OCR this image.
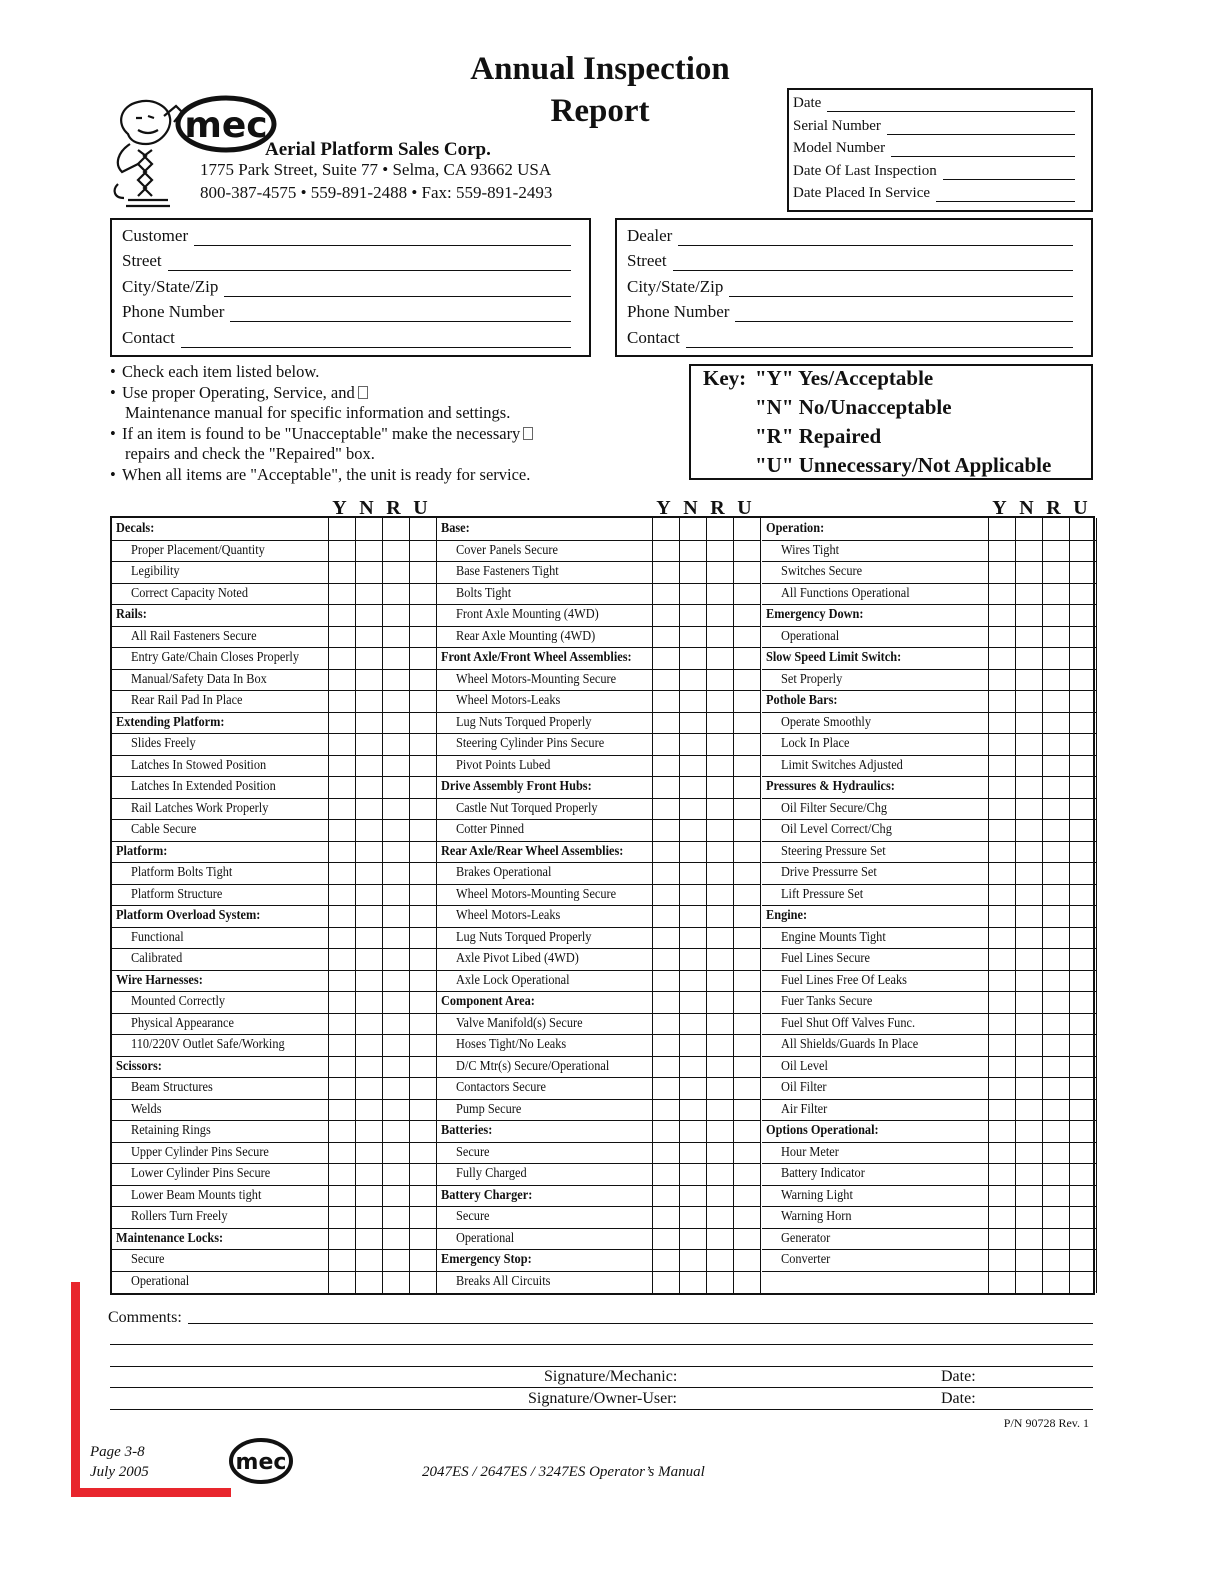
Annual Inspection
Report
mec
Aerial Platform Sales Corp.
1775 Park Street, Suite 77 • Selma, CA 93662 USA
800-387-4575 • 559-891-2488 • Fax: 559-891-2493
Date
Serial Number
Model Number
Date Of Last Inspection
Date Placed In Service
Customer
Street
City/State/Zip
Phone Number
Contact
Dealer
Street
City/State/Zip
Phone Number
Contact
• Check each item listed below.
• Use proper Operating, Service, and
Maintenance manual for specific information and settings.
• If an item is found to be "Unacceptable" make the necessary
repairs and check the "Repaired" box.
• When all items are "Acceptable", the unit is ready for service.
Key: "Y" Yes/Acceptable
"N" No/Unacceptable
"R" Repaired
"U" Unnecessary/Not Applicable
Y N R U	Y N R U	Y N R U
Decals:
Proper Placement/Quantity
Legibility
Correct Capacity Noted
Rails:
All Rail Fasteners Secure
Entry Gate/Chain Closes Properly
Manual/Safety Data In Box
Rear Rail Pad In Place
Extending Platform:
Slides Freely
Latches In Stowed Position
Latches In Extended Position
Rail Latches Work Properly
Cable Secure
Platform:
Platform Bolts Tight
Platform Structure
Platform Overload System:
Functional
Calibrated
Wire Harnesses:
Mounted Correctly
Physical Appearance
110/220V Outlet Safe/Working
Scissors:
Beam Structures
Welds
Retaining Rings
Upper Cylinder Pins Secure
Lower Cylinder Pins Secure
Lower Beam Mounts tight
Rollers Turn Freely
Maintenance Locks:
Secure
Operational
Base:
Cover Panels Secure
Base Fasteners Tight
Bolts Tight
Front Axle Mounting (4WD)
Rear Axle Mounting (4WD)
Front Axle/Front Wheel Assemblies:
Wheel Motors-Mounting Secure
Wheel Motors-Leaks
Lug Nuts Torqued Properly
Steering Cylinder Pins Secure
Pivot Points Lubed
Drive Assembly Front Hubs:
Castle Nut Torqued Properly
Cotter Pinned
Rear Axle/Rear Wheel Assemblies:
Brakes Operational
Wheel Motors-Mounting Secure
Wheel Motors-Leaks
Lug Nuts Torqued Properly
Axle Pivot Libed (4WD)
Axle Lock Operational
Component Area:
Valve Manifold(s) Secure
Hoses Tight/No Leaks
D/C Mtr(s) Secure/Operational
Contactors Secure
Pump Secure
Batteries:
Secure
Fully Charged
Battery Charger:
Secure
Operational
Emergency Stop:
Breaks All Circuits
Operation:
Wires Tight
Switches Secure
All Functions Operational
Emergency Down:
Operational
Slow Speed Limit Switch:
Set Properly
Pothole Bars:
Operate Smoothly
Lock In Place
Limit Switches Adjusted
Pressures & Hydraulics:
Oil Filter Secure/Chg
Oil Level Correct/Chg
Steering Pressure Set
Drive Pressurre Set
Lift Pressure Set
Engine:
Engine Mounts Tight
Fuel Lines Secure
Fuel Lines Free Of Leaks
Fuer Tanks Secure
Fuel Shut Off Valves Func.
All Shields/Guards In Place
Oil Level
Oil Filter
Air Filter
Options Operational:
Hour Meter
Battery Indicator
Warning Light
Warning Horn
Generator
Converter
Comments:
Signature/Mechanic:	Date:
Signature/Owner-User:	Date:
P/N 90728 Rev. 1
Page 3-8
July 2005	mec	2047ES / 2647ES / 3247ES Operator’s Manual
